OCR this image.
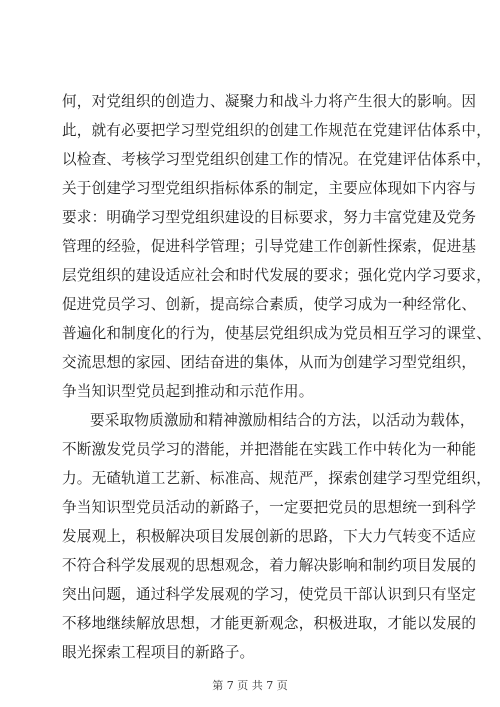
何，对党组织的创造力、凝聚力和战斗力将产生很大的影响。因
此，就有必要把学习型党组织的创建工作规范在党建评估体系中，
以检查、考核学习型党组织创建工作的情况。在党建评估体系中，
关于创建学习型党组织指标体系的制定，主要应体现如下内容与
要求：明确学习型党组织建设的目标要求，努力丰富党建及党务
管理的经验，促进科学管理；引导党建工作创新性探索，促进基
层党组织的建设适应社会和时代发展的要求；强化党内学习要求，
促进党员学习、创新，提高综合素质，使学习成为一种经常化、
普遍化和制度化的行为，使基层党组织成为党员相互学习的课堂、
交流思想的家园、团结奋进的集体，从而为创建学习型党组织，
争当知识型党员起到推动和示范作用。
要采取物质激励和精神激励相结合的方法，以活动为载体，
不断激发党员学习的潜能，并把潜能在实践工作中转化为一种能
力。无碴轨道工艺新、标准高、规范严，探索创建学习型党组织，
争当知识型党员活动的新路子，一定要把党员的思想统一到科学
发展观上，积极解决项目发展创新的思路，下大力气转变不适应
不符合科学发展观的思想观念，着力解决影响和制约项目发展的
突出问题，通过科学发展观的学习，使党员干部认识到只有坚定
不移地继续解放思想，才能更新观念，积极进取，才能以发展的
眼光探索工程项目的新路子。
第 7 页 共 7 页
